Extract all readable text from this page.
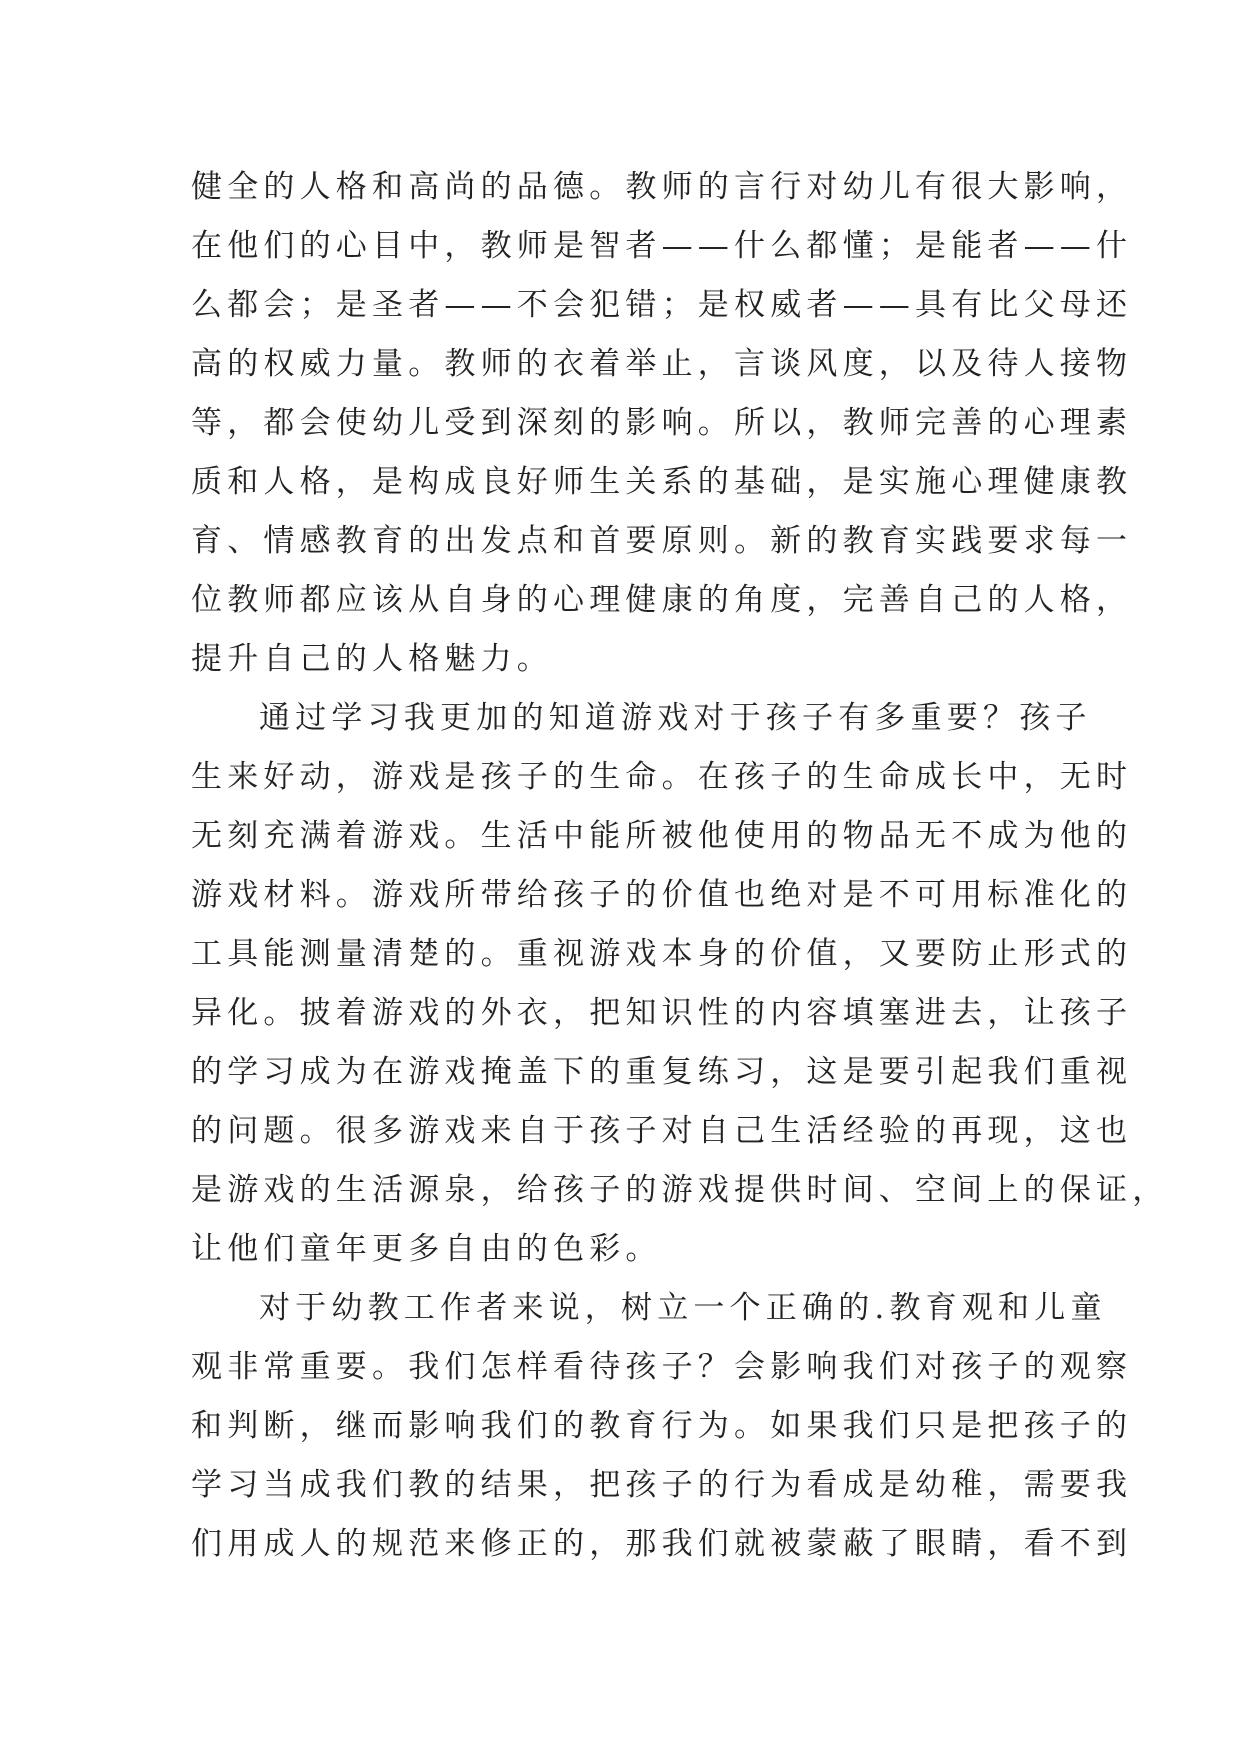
健全的人格和高尚的品德。教师的言行对幼儿有很大影响，
在他们的心目中，教师是智者——什么都懂；是能者——什
么都会；是圣者——不会犯错；是权威者——具有比父母还
高的权威力量。教师的衣着举止，言谈风度，以及待人接物
等，都会使幼儿受到深刻的影响。所以，教师完善的心理素
质和人格，是构成良好师生关系的基础，是实施心理健康教
育、情感教育的出发点和首要原则。新的教育实践要求每一
位教师都应该从自身的心理健康的角度，完善自己的人格，
提升自己的人格魅力。
通过学习我更加的知道游戏对于孩子有多重要？孩子
生来好动，游戏是孩子的生命。在孩子的生命成长中，无时
无刻充满着游戏。生活中能所被他使用的物品无不成为他的
游戏材料。游戏所带给孩子的价值也绝对是不可用标准化的
工具能测量清楚的。重视游戏本身的价值，又要防止形式的
异化。披着游戏的外衣，把知识性的内容填塞进去，让孩子
的学习成为在游戏掩盖下的重复练习，这是要引起我们重视
的问题。很多游戏来自于孩子对自己生活经验的再现，这也
是游戏的生活源泉，给孩子的游戏提供时间、空间上的保证，
让他们童年更多自由的色彩。
对于幼教工作者来说，树立一个正确的.教育观和儿童
观非常重要。我们怎样看待孩子？会影响我们对孩子的观察
和判断，继而影响我们的教育行为。如果我们只是把孩子的
学习当成我们教的结果，把孩子的行为看成是幼稚，需要我
们用成人的规范来修正的，那我们就被蒙蔽了眼睛，看不到
